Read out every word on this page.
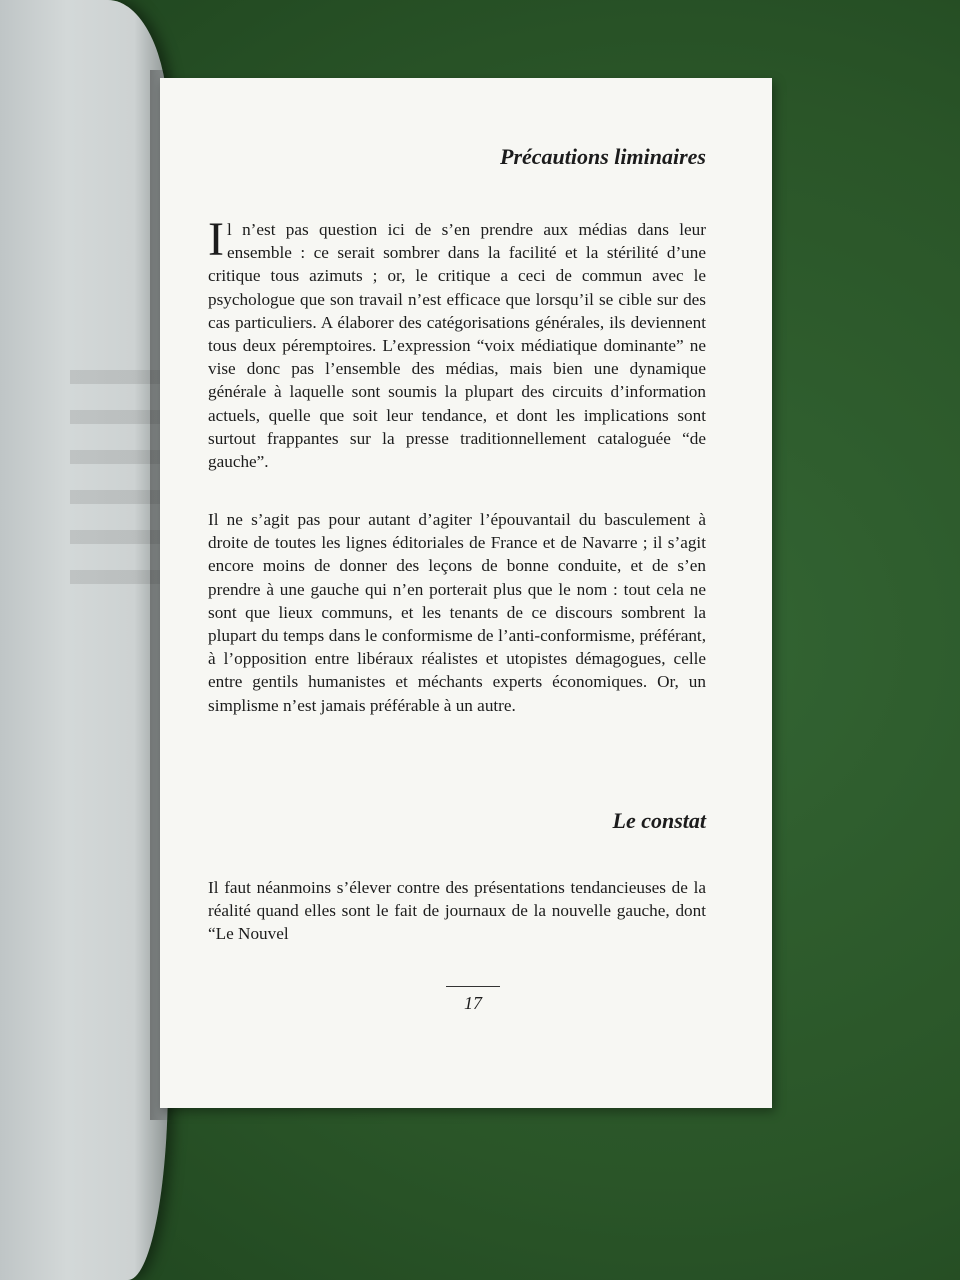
Précautions liminaires

Il n’est pas question ici de s’en prendre aux médias dans leur ensemble : ce serait sombrer dans la facilité et la stérilité d’une critique tous azimuts ; or, le critique a ceci de commun avec le psychologue que son travail n’est efficace que lorsqu’il se cible sur des cas particuliers. A élaborer des catégorisations générales, ils deviennent tous deux péremptoires. L’expression “voix médiatique dominante” ne vise donc pas l’ensemble des médias, mais bien une dynamique générale à laquelle sont soumis la plupart des circuits d’information actuels, quelle que soit leur tendance, et dont les implications sont surtout frappantes sur la presse traditionnellement cataloguée “de gauche”.

Il ne s’agit pas pour autant d’agiter l’épouvantail du basculement à droite de toutes les lignes éditoriales de France et de Navarre ; il s’agit encore moins de donner des leçons de bonne conduite, et de s’en prendre à une gauche qui n’en porterait plus que le nom : tout cela ne sont que lieux communs, et les tenants de ce discours sombrent la plupart du temps dans le conformisme de l’anti-conformisme, préférant, à l’opposition entre libéraux réalistes et utopistes démagogues, celle entre gentils humanistes et méchants experts économiques. Or, un simplisme n’est jamais préférable à un autre.

Le constat

Il faut néanmoins s’élever contre des présentations tendancieuses de la réalité quand elles sont le fait de journaux de la nouvelle gauche, dont “Le Nouvel

17
